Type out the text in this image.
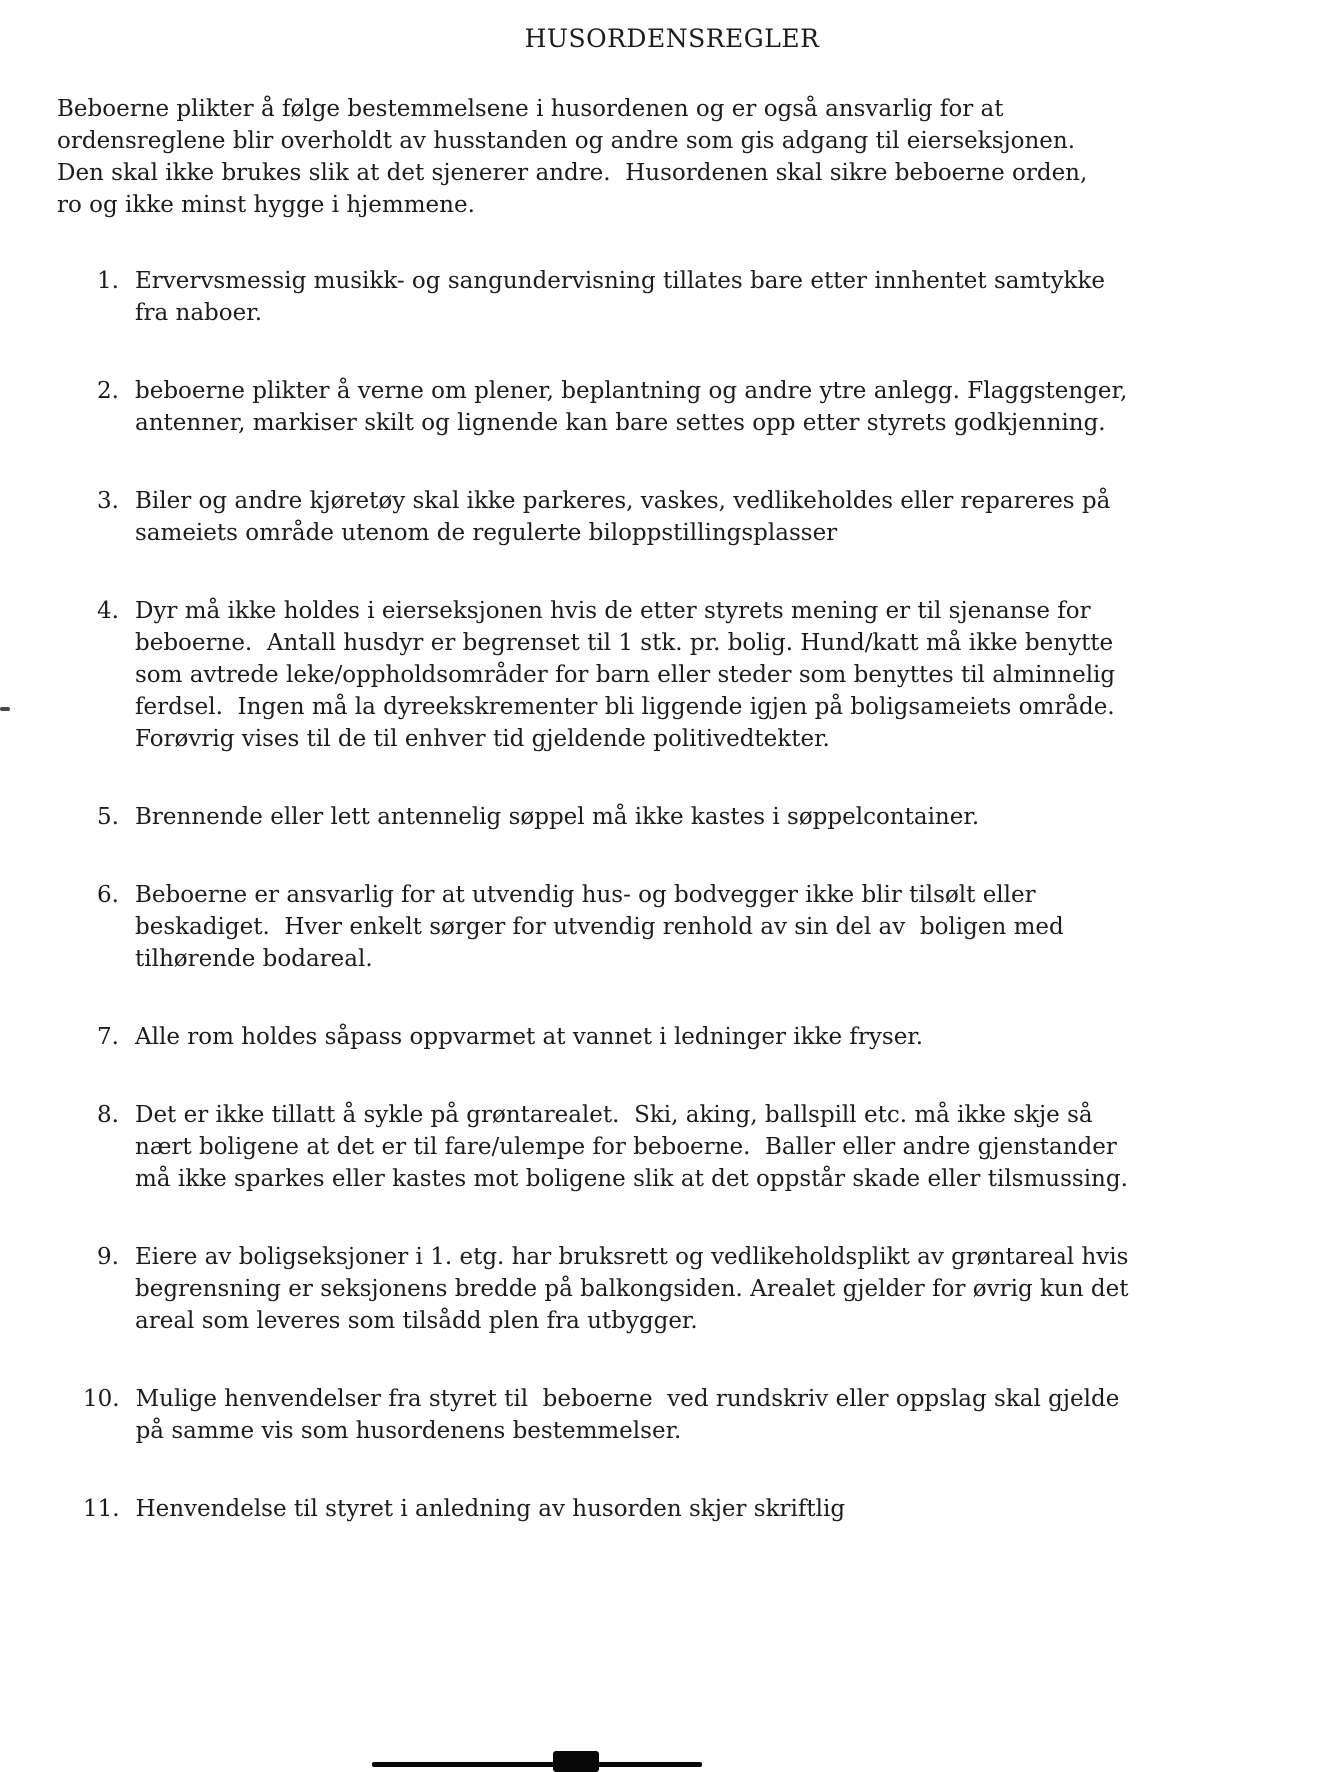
HUSORDENSREGLER

Beboerne plikter å følge bestemmelsene i husordenen og er også ansvarlig for at ordensreglene blir overholdt av husstanden og andre som gis adgang til eierseksjonen.  Den skal ikke brukes slik at det sjenerer andre.  Husordenen skal sikre beboerne orden, ro og ikke minst hygge i hjemmene.

1. Ervervsmessig musikk- og sangundervisning tillates bare etter innhentet samtykke fra naboer.
2. beboerne plikter å verne om plener, beplantning og andre ytre anlegg. Flaggstenger, antenner, markiser skilt og lignende kan bare settes opp etter styrets godkjenning.
3. Biler og andre kjøretøy skal ikke parkeres, vaskes, vedlikeholdes eller repareres på sameiets område utenom de regulerte biloppstillingsplasser
4. Dyr må ikke holdes i eierseksjonen hvis de etter styrets mening er til sjenanse for beboerne.  Antall husdyr er begrenset til 1 stk. pr. bolig. Hund/katt må ikke benytte som avtrede leke/oppholdsområder for barn eller steder som benyttes til alminnelig ferdsel.  Ingen må la dyreekskrementer bli liggende igjen på boligsameiets område.  Forøvrig vises til de til enhver tid gjeldende politivedtekter.
5. Brennende eller lett antennelig søppel må ikke kastes i søppelcontainer.
6. Beboerne er ansvarlig for at utvendig hus- og bodvegger ikke blir tilsølt eller beskadiget.  Hver enkelt sørger for utvendig renhold av sin del av  boligen med tilhørende bodareal.
7. Alle rom holdes såpass oppvarmet at vannet i ledninger ikke fryser.
8. Det er ikke tillatt å sykle på grøntarealet.  Ski, aking, ballspill etc. må ikke skje så nært boligene at det er til fare/ulempe for beboerne.  Baller eller andre gjenstander må ikke sparkes eller kastes mot boligene slik at det oppstår skade eller tilsmussing.
9. Eiere av boligseksjoner i 1. etg. har bruksrett og vedlikeholdsplikt av grøntareal hvis begrensning er seksjonens bredde på balkongsiden. Arealet gjelder for øvrig kun det areal som leveres som tilsådd plen fra utbygger.
10. Mulige henvendelser fra styret til  beboerne  ved rundskriv eller oppslag skal gjelde på samme vis som husordenens bestemmelser.
11. Henvendelse til styret i anledning av husorden skjer skriftlig
